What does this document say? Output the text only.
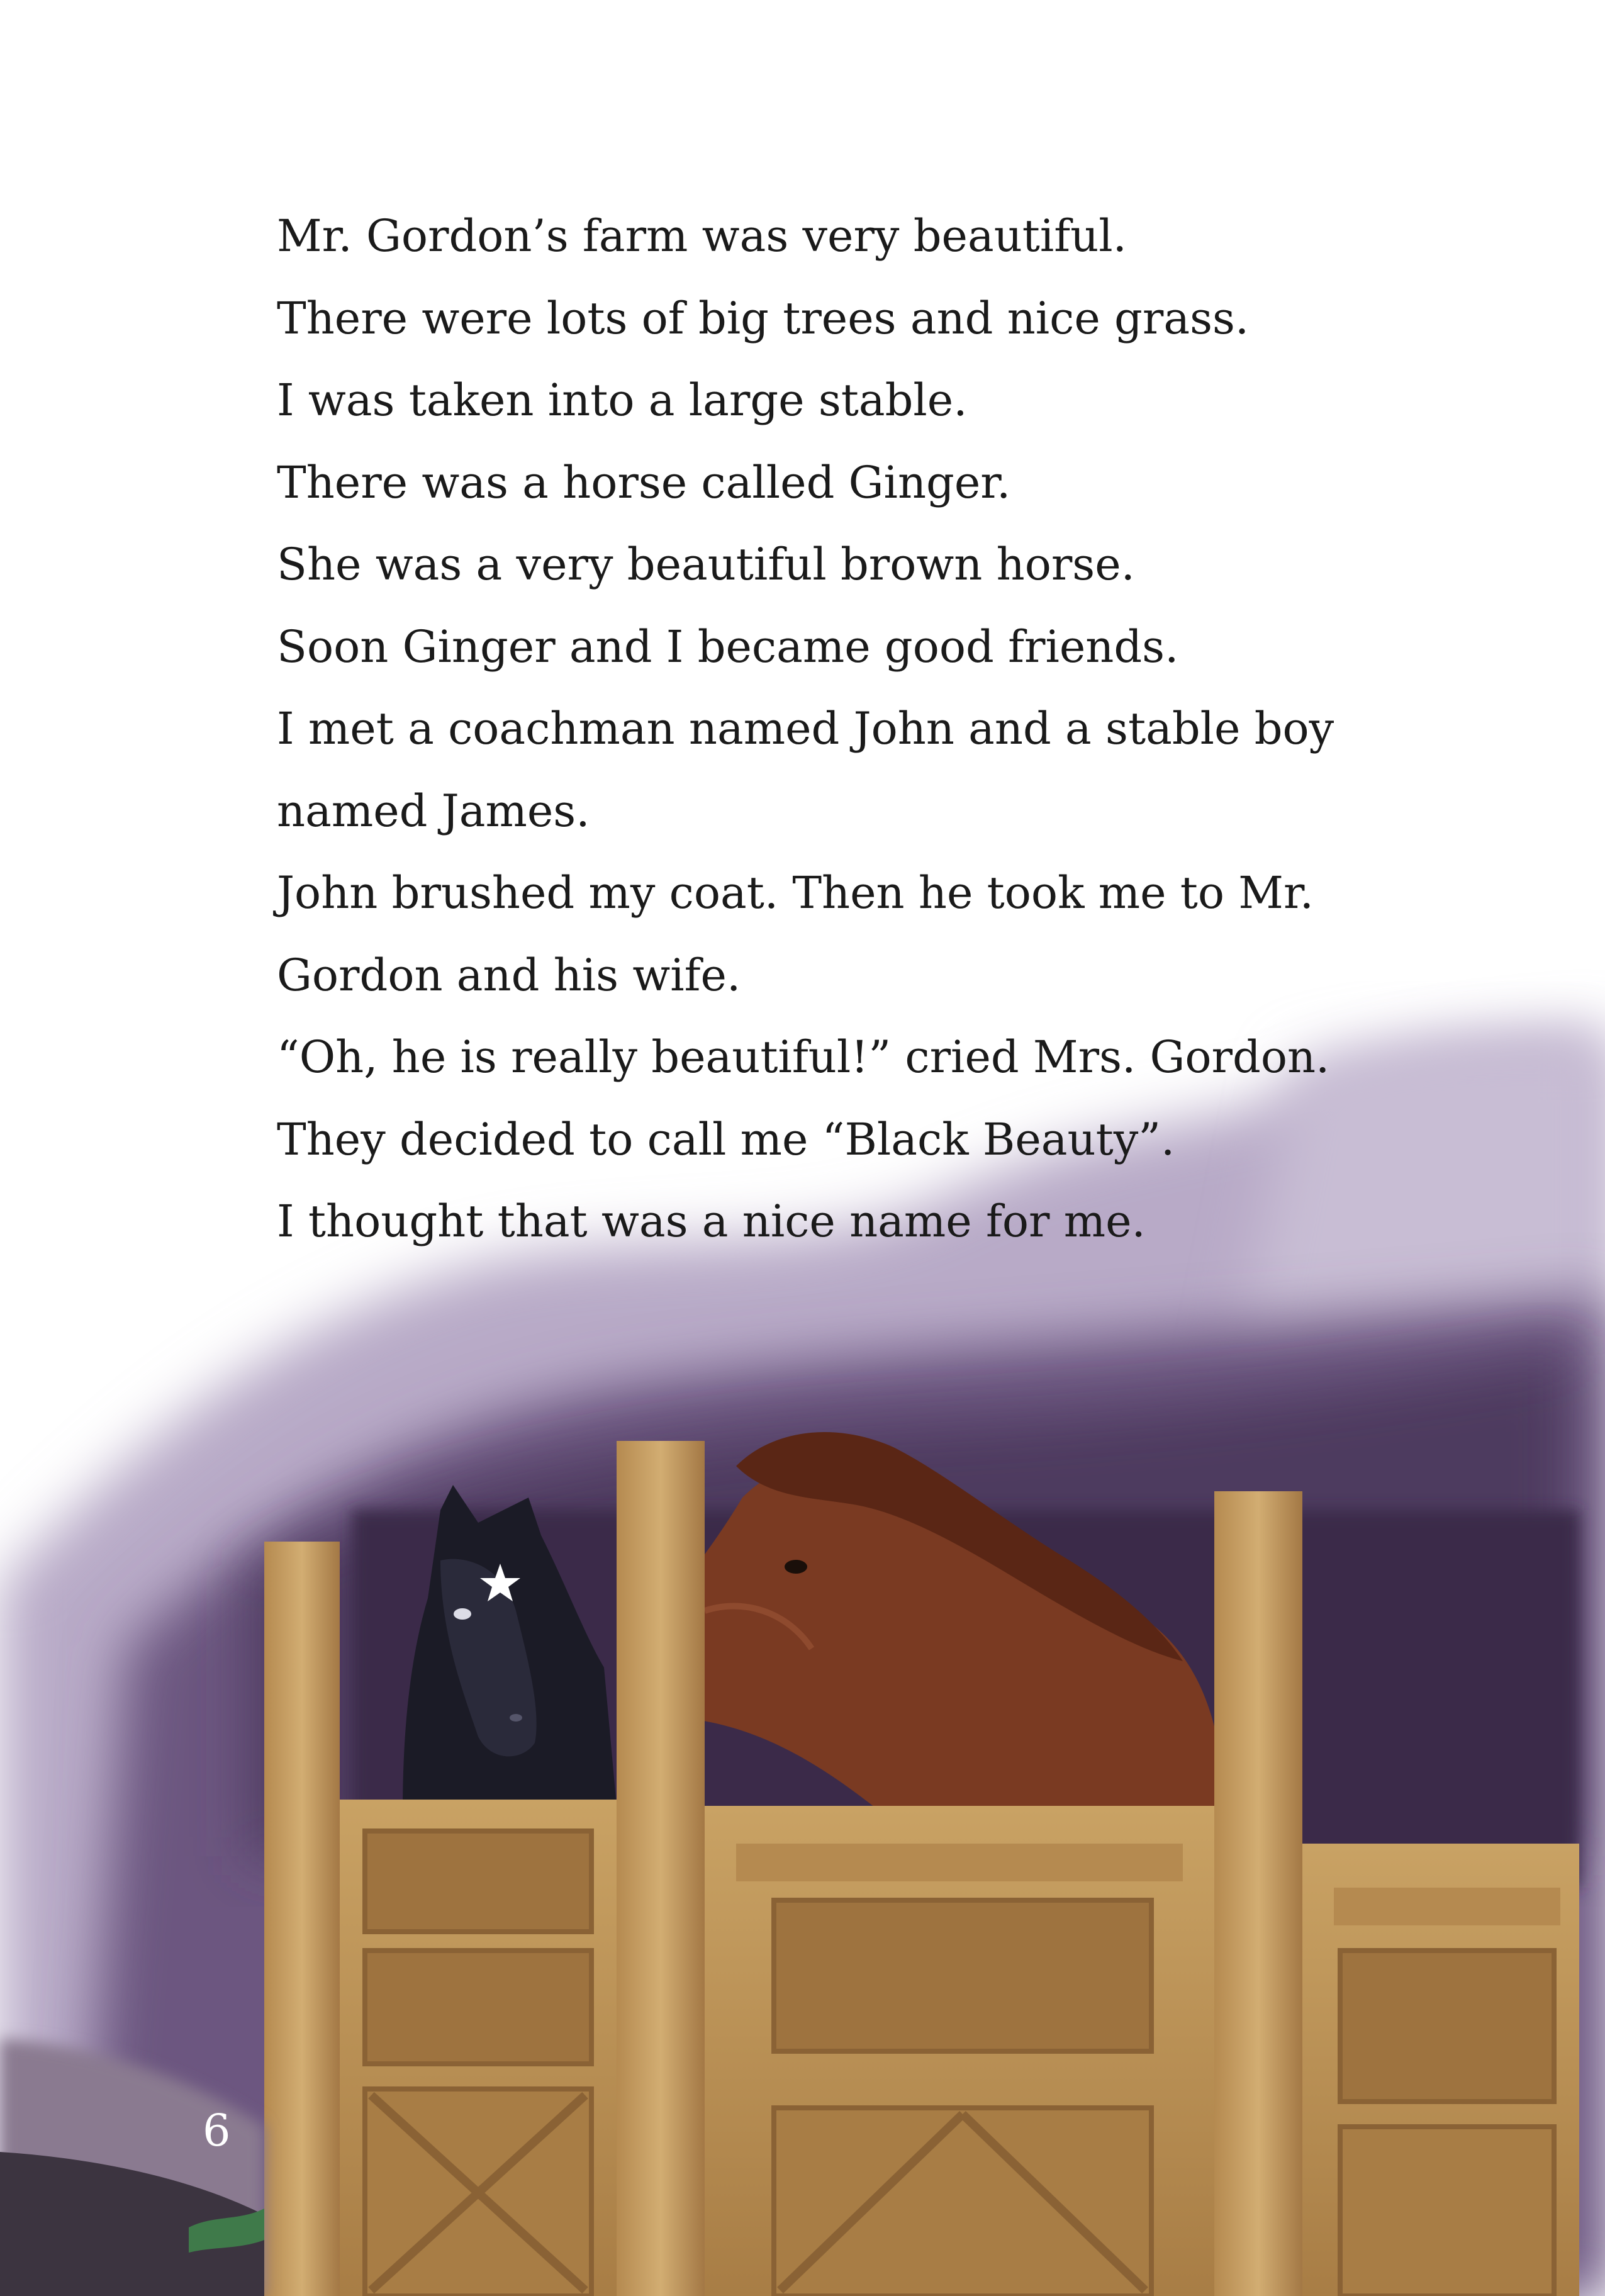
Mr. Gordon’s farm was very beautiful.
There were lots of big trees and nice grass.
I was taken into a large stable.
There was a horse called Ginger.
She was a very beautiful brown horse.
Soon Ginger and I became good friends.
I met a coachman named John and a stable boy
named James.
John brushed my coat. Then he took me to Mr.
Gordon and his wife.
“Oh, he is really beautiful!” cried Mrs. Gordon.
They decided to call me “Black Beauty”.
I thought that was a nice name for me.
6
